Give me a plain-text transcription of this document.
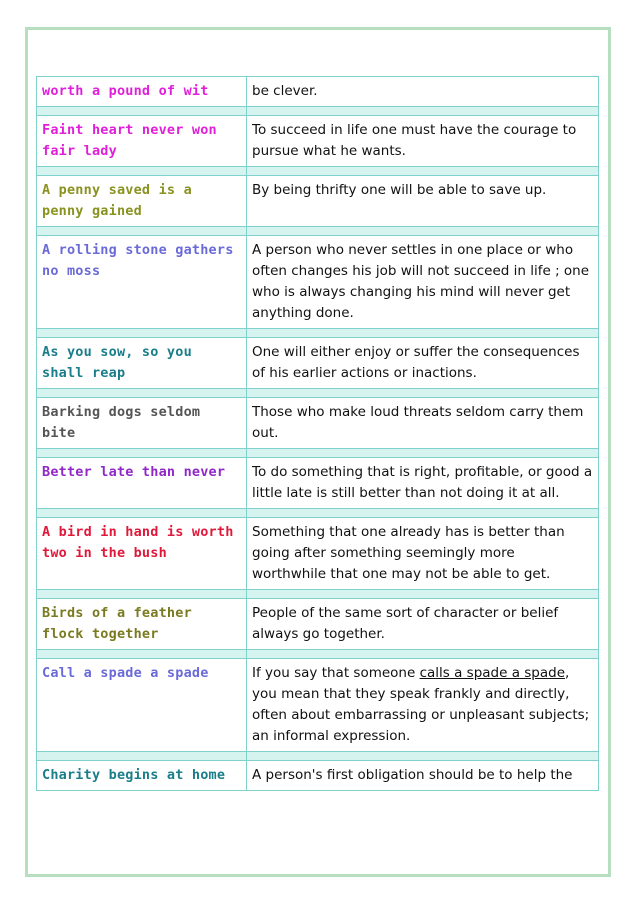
worth a pound of wit	be clever.

Faint heart never won fair lady	To succeed in life one must have the courage to pursue what he wants.

A penny saved is a penny gained	By being thrifty one will be able to save up.

A rolling stone gathers no moss	A person who never settles in one place or who often changes his job will not succeed in life ; one who is always changing his mind will never get anything done.

As you sow, so you shall reap	One will either enjoy or suffer the consequences of his earlier actions or inactions.

Barking dogs seldom bite	Those who make loud threats seldom carry them out.

Better late than never	To do something that is right, profitable, or good a little late is still better than not doing it at all.

A bird in hand is worth two in the bush	Something that one already has is better than going after something seemingly more worthwhile that one may not be able to get.

Birds of a feather flock together	People of the same sort of character or belief always go together.

Call a spade a spade	If you say that someone calls a spade a spade, you mean that they speak frankly and directly, often about embarrassing or unpleasant subjects; an informal expression.

Charity begins at home	A person's first obligation should be to help the
